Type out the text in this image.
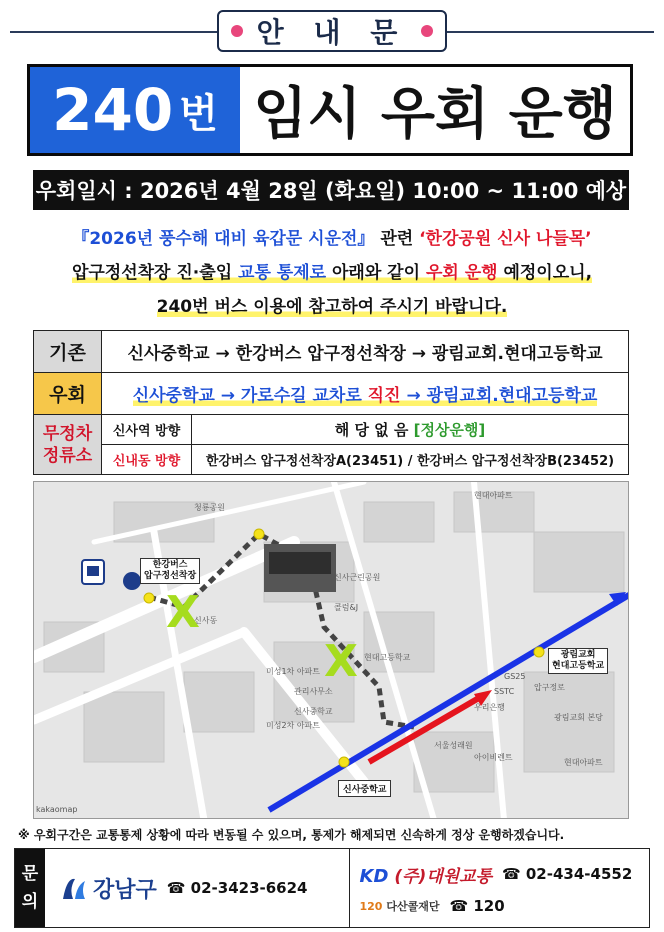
안 내 문
240 번 임시 우회 운행
우회일시 : 2026년 4월 28일 (화요일) 10:00 ~ 11:00 예상
『2026년 풍수해 대비 육갑문 시운전』 관련 ‘한강공원 신사 나들목’
압구정선착장 진·출입 교통 통제로 아래와 같이 우회 운행 예정이오니,
240번 버스 이용에 참고하여 주시기 바랍니다.
기존	신사중학교 → 한강버스 압구정선착장 → 광림교회.현대고등학교
우회	신사중학교 → 가로수길 교차로 직진 → 광림교회.현대고등학교
무정차
정류소	신사역 방향	해 당 없 음 [정상운행]
	신내동 방향	한강버스 압구정선착장A(23451) / 한강버스 압구정선착장B(23452)
X
X
kakaomap
한강버스
압구정선착장
광림교회
현대고등학교
신사중학교
신사동
현대아파트
청룡공원
신사근린공원
콜럼&J
현대고등학교
관리사무소
신사중학교
미성1차 아파트
미성2차 아파트
SSTC
우리은행
서울성래원
아이비렌트
압구정로
광림교회 본당
현대아파트
GS25
※ 우회구간은 교통통제 상황에 따라 변동될 수 있으며, 통제가 해제되면 신속하게 정상 운행하겠습니다.
문
의 강남구 ☎ 02-3423-6624
KD (주)대원교통 ☎ 02-434-4552
120 다산콜재단 ☎ 120
